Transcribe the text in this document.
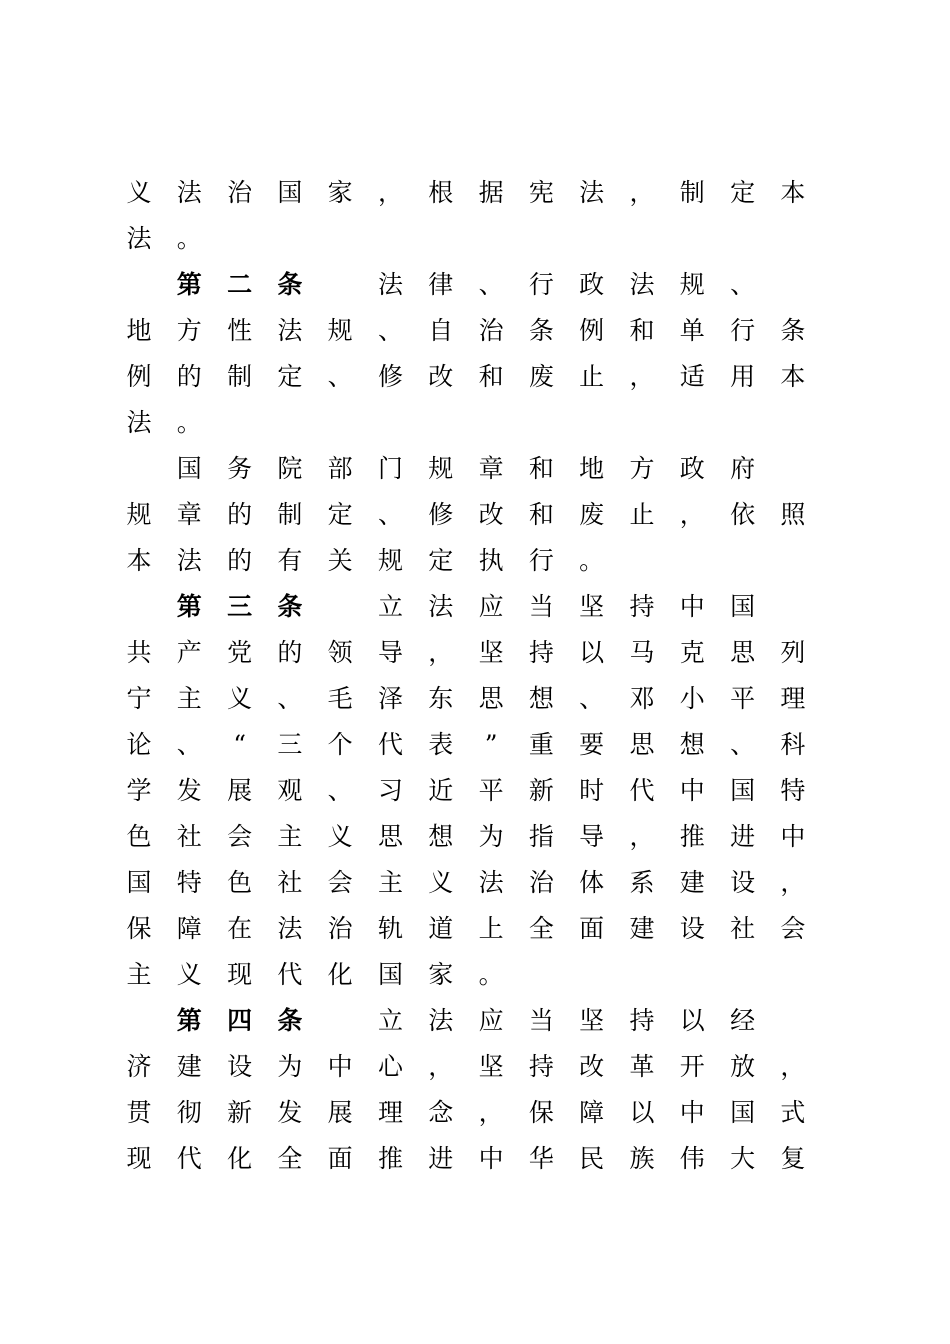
义 法 治 国 家 ， 根 据 宪 法 ， 制 定 本
法 。

第 二 条
　	法 律 、 行 政 法 规 、
地 方 性 法 规 、 自 治 条 例 和 单 行 条
例 的 制 定 、 修 改 和 废 止 ， 适 用 本
法 。

国 务 院 部 门 规 章 和 地 方 政 府
规 章 的 制 定 、 修 改 和 废 止 ， 依 照
本 法 的 有 关 规 定 执 行 。

第 三 条
　	立 法 应 当 坚 持 中 国
共 产 党 的 领 导 ， 坚 持 以 马 克 思 列
宁 主 义 、 毛 泽 东 思 想 、 邓 小 平 理
论 、	“	三 个 代 表	”	重 要 思 想 、 科
学 发 展 观 、 习 近 平 新 时 代 中 国 特
色 社 会 主 义 思 想 为 指 导 ， 推 进 中
国 特 色 社 会 主 义 法 治 体 系 建 设 ，
保 障 在 法 治 轨 道 上 全 面 建 设 社 会
主 义 现 代 化 国 家 。

第 四 条
　	立 法 应 当 坚 持 以 经
济 建 设 为 中 心 ， 坚 持 改 革 开 放 ，
贯 彻 新 发 展 理 念 ， 保 障 以 中 国 式
现 代 化 全 面 推 进 中 华 民 族 伟 大 复
